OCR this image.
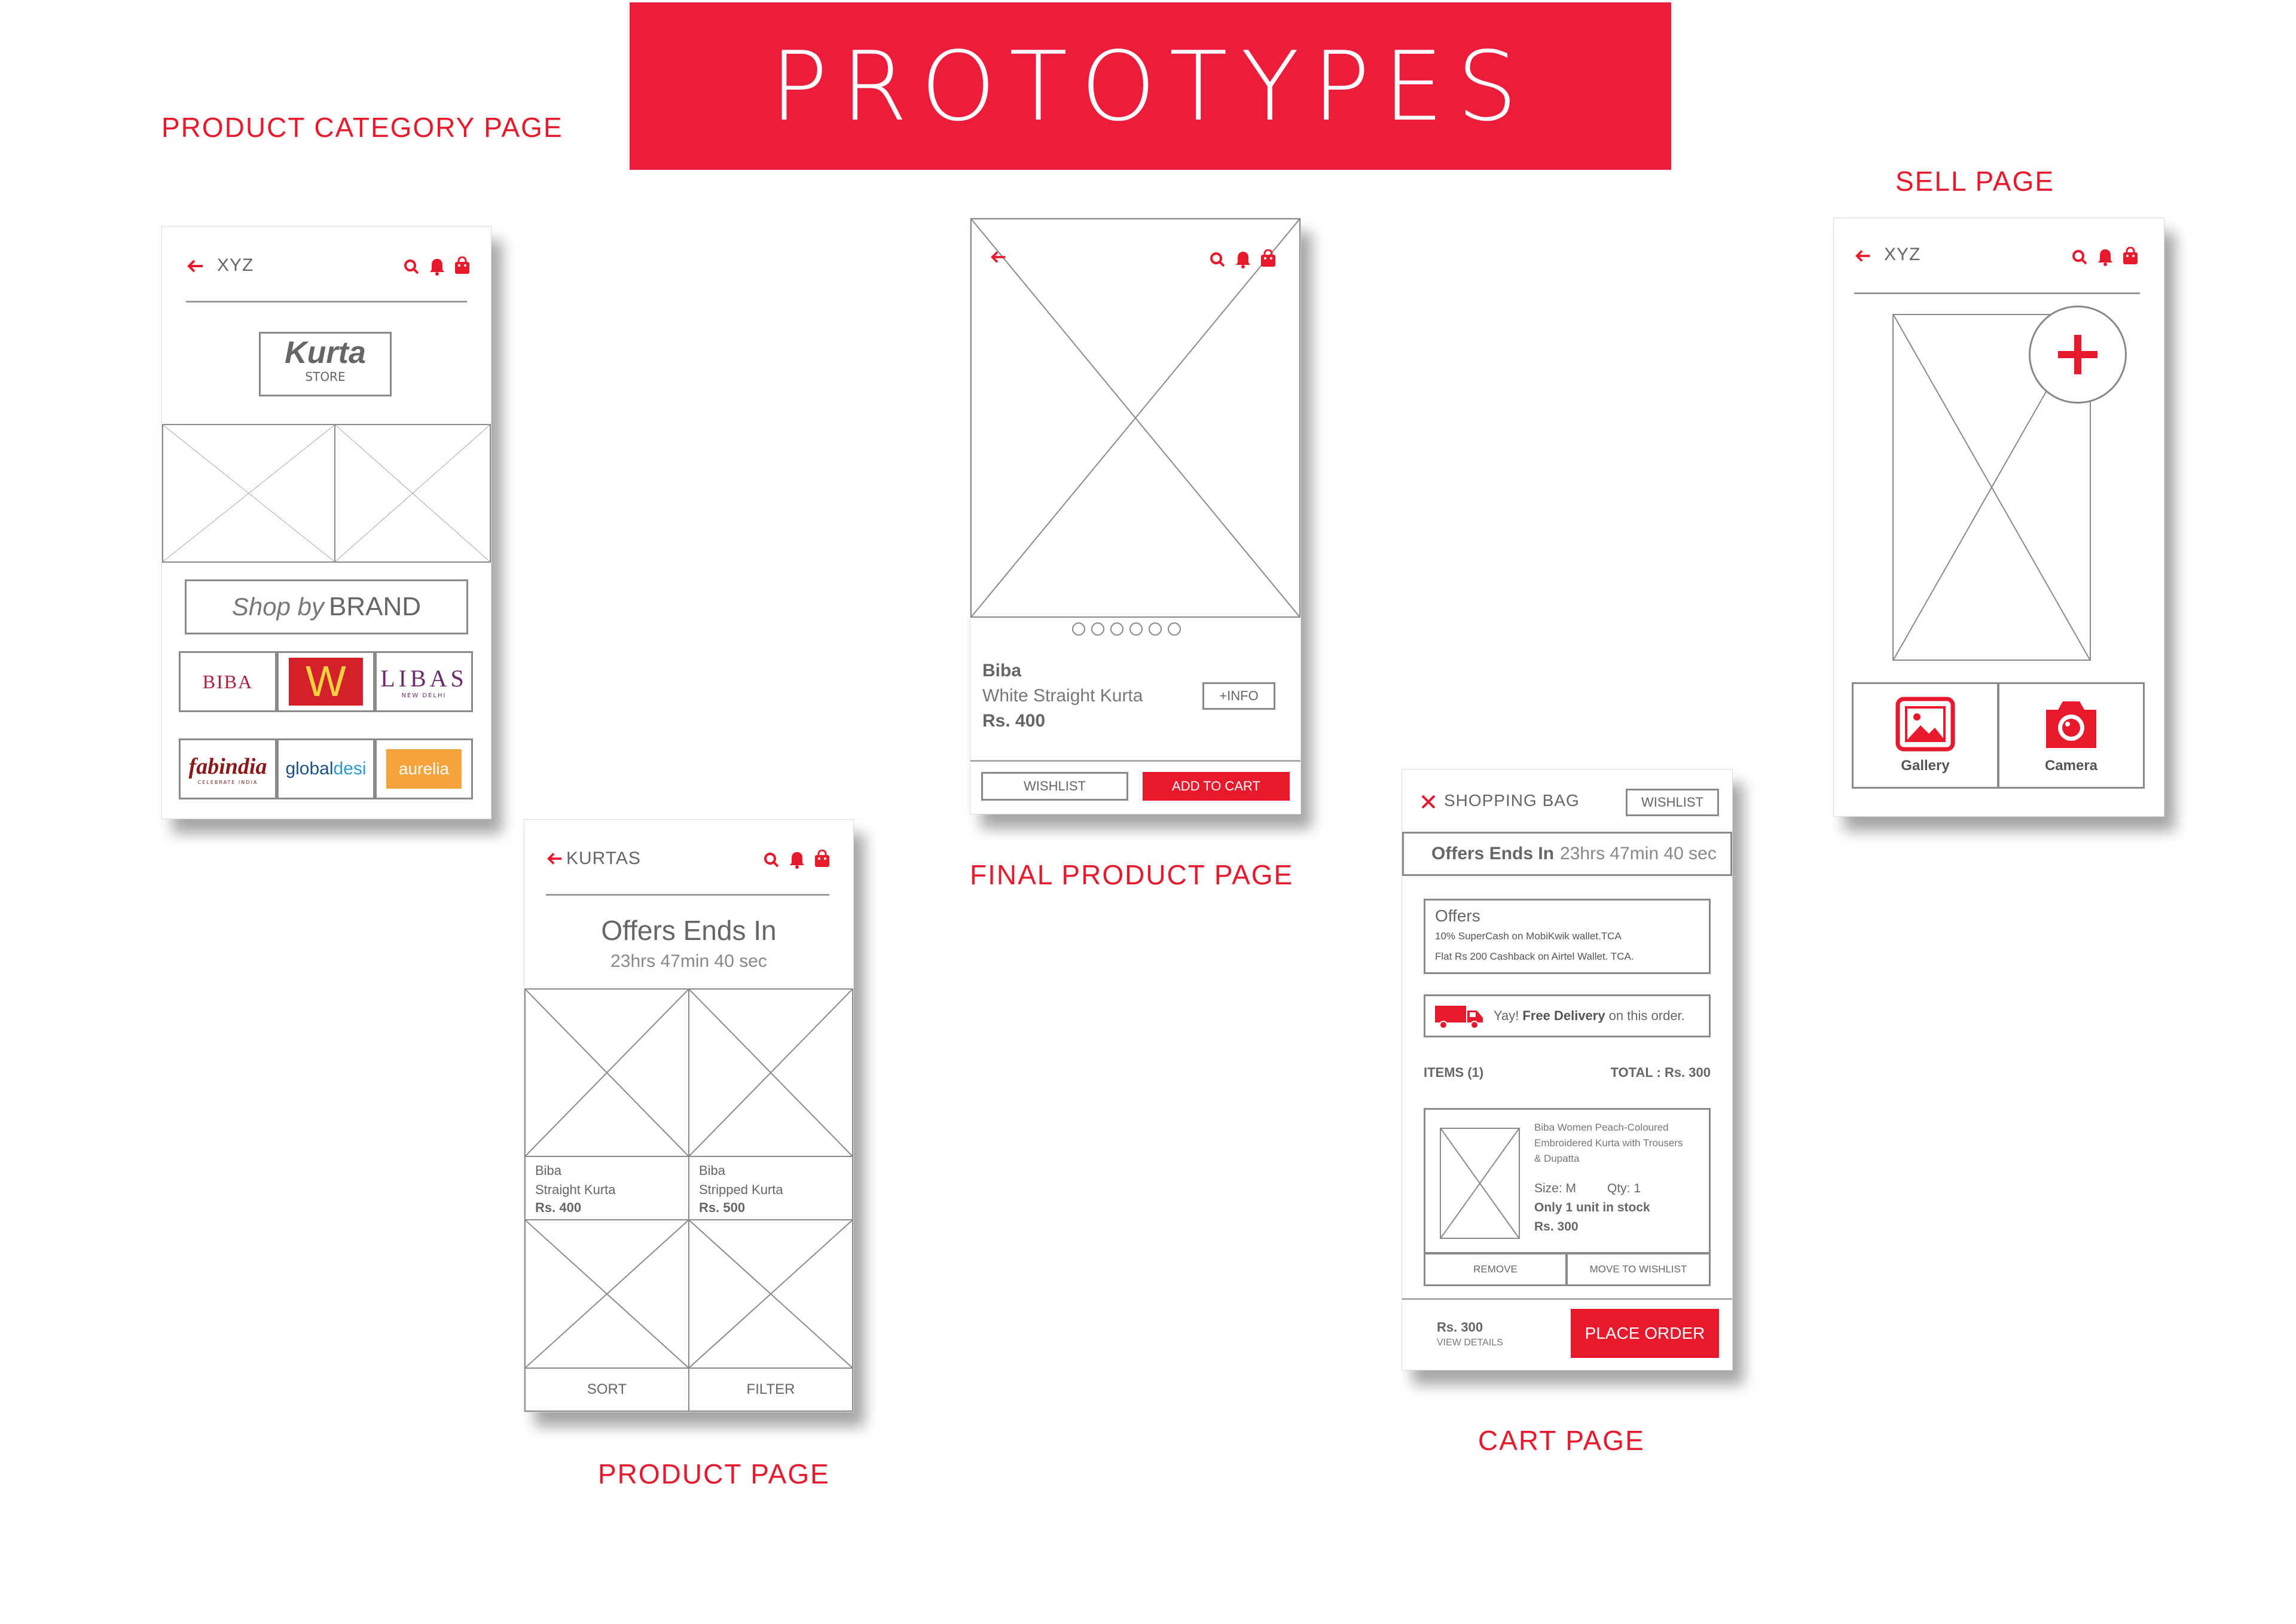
PROTOTYPES
PRODUCT CATEGORY PAGE
PRODUCT PAGE
FINAL PRODUCT PAGE
CART PAGE
SELL PAGE
XYZ
Kurta
STORE
Shop by BRAND
BIBA W LIBAS
NEW DELHI
fabindia
CELEBRATE INDIA
global desi aurelia
KURTAS
Offers Ends In
23hrs 47min 40 sec
Biba
Straight Kurta
Rs. 400
Biba
Stripped Kurta
Rs. 500
SORT	FILTER
Biba
White Straight Kurta
Rs. 400
+INFO
WISHLIST	ADD TO CART
SHOPPING BAG	WISHLIST
Offers Ends In 23hrs 47min 40 sec
Offers
10% SuperCash on MobiKwik wallet.TCA
Flat Rs 200 Cashback on Airtel Wallet. TCA.
Yay! Free Delivery on this order.
ITEMS (1)	TOTAL : Rs. 300
Biba Women Peach-Coloured
Embroidered Kurta with Trousers
& Dupatta
Size: M Qty: 1
Only 1 unit in stock
Rs. 300
REMOVE	MOVE TO WISHLIST
Rs. 300
VIEW DETAILS
PLACE ORDER
XYZ
Gallery	Camera
